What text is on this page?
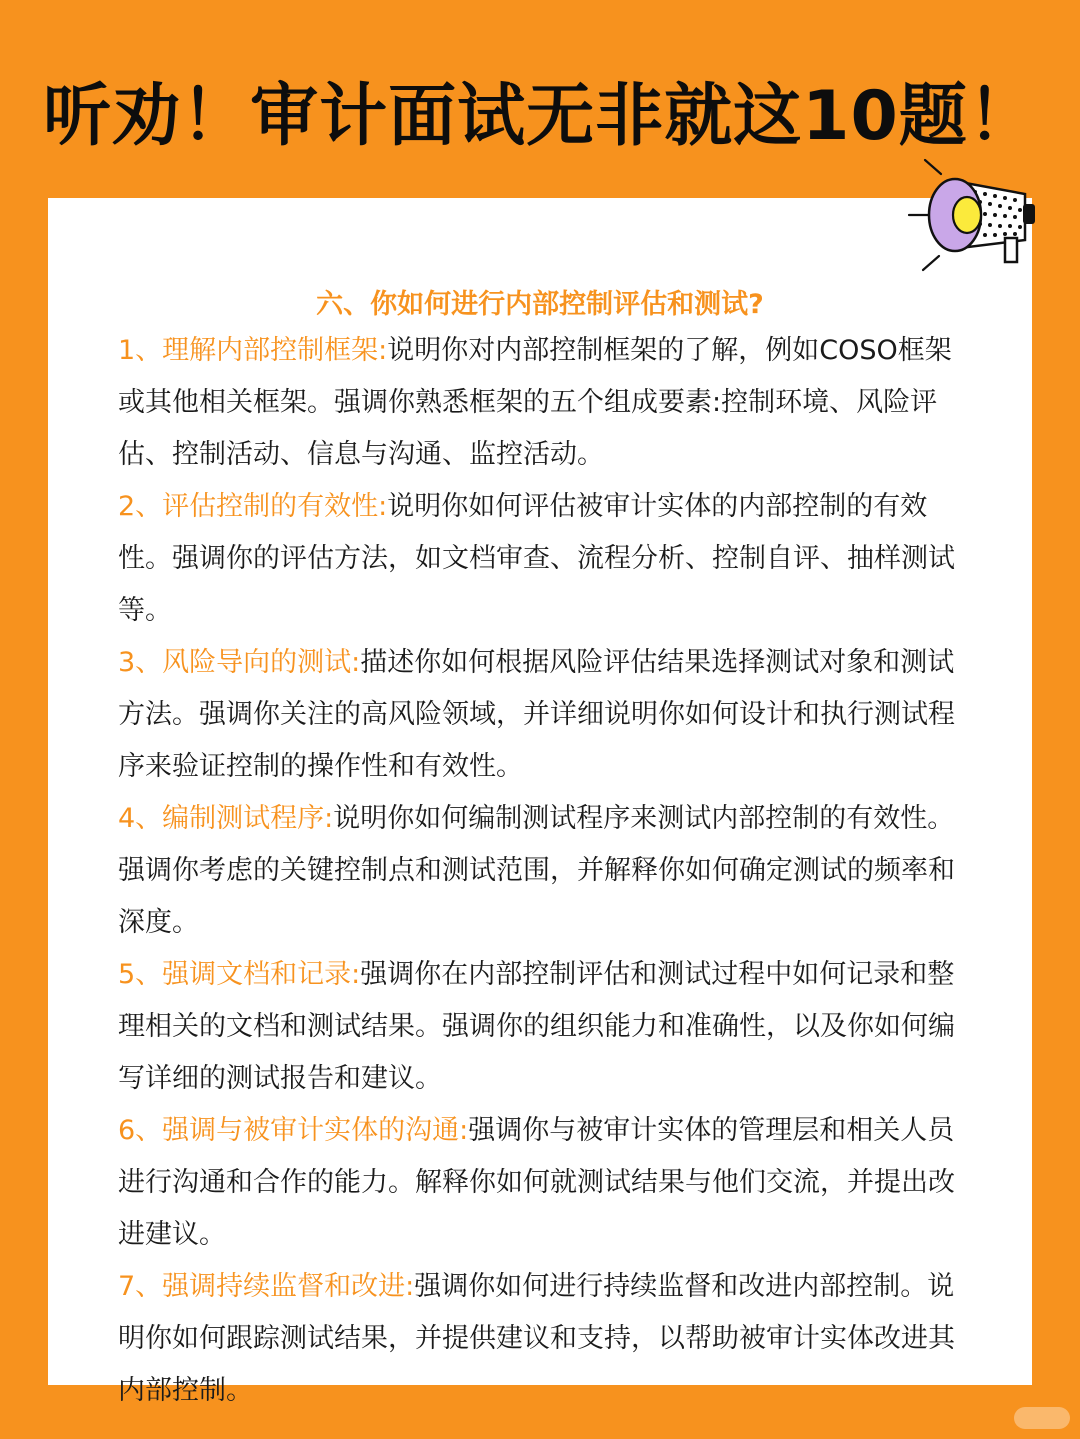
听劝！审计面试无非就这10题！
六、你如何进行内部控制评估和测试?

1、理解内部控制框架:说明你对内部控制框架的了解，例如COSO框架或其他相关框架。强调你熟悉框架的五个组成要素:控制环境、风险评估、控制活动、信息与沟通、监控活动。

2、评估控制的有效性:说明你如何评估被审计实体的内部控制的有效性。强调你的评估方法，如文档审查、流程分析、控制自评、抽样测试等。

3、风险导向的测试:描述你如何根据风险评估结果选择测试对象和测试方法。强调你关注的高风险领域，并详细说明你如何设计和执行测试程序来验证控制的操作性和有效性。

4、编制测试程序:说明你如何编制测试程序来测试内部控制的有效性。强调你考虑的关键控制点和测试范围，并解释你如何确定测试的频率和深度。

5、强调文档和记录:强调你在内部控制评估和测试过程中如何记录和整理相关的文档和测试结果。强调你的组织能力和准确性，以及你如何编写详细的测试报告和建议。

6、强调与被审计实体的沟通:强调你与被审计实体的管理层和相关人员进行沟通和合作的能力。解释你如何就测试结果与他们交流，并提出改进建议。

7、强调持续监督和改进:强调你如何进行持续监督和改进内部控制。说明你如何跟踪测试结果，并提供建议和支持，以帮助被审计实体改进其内部控制。
